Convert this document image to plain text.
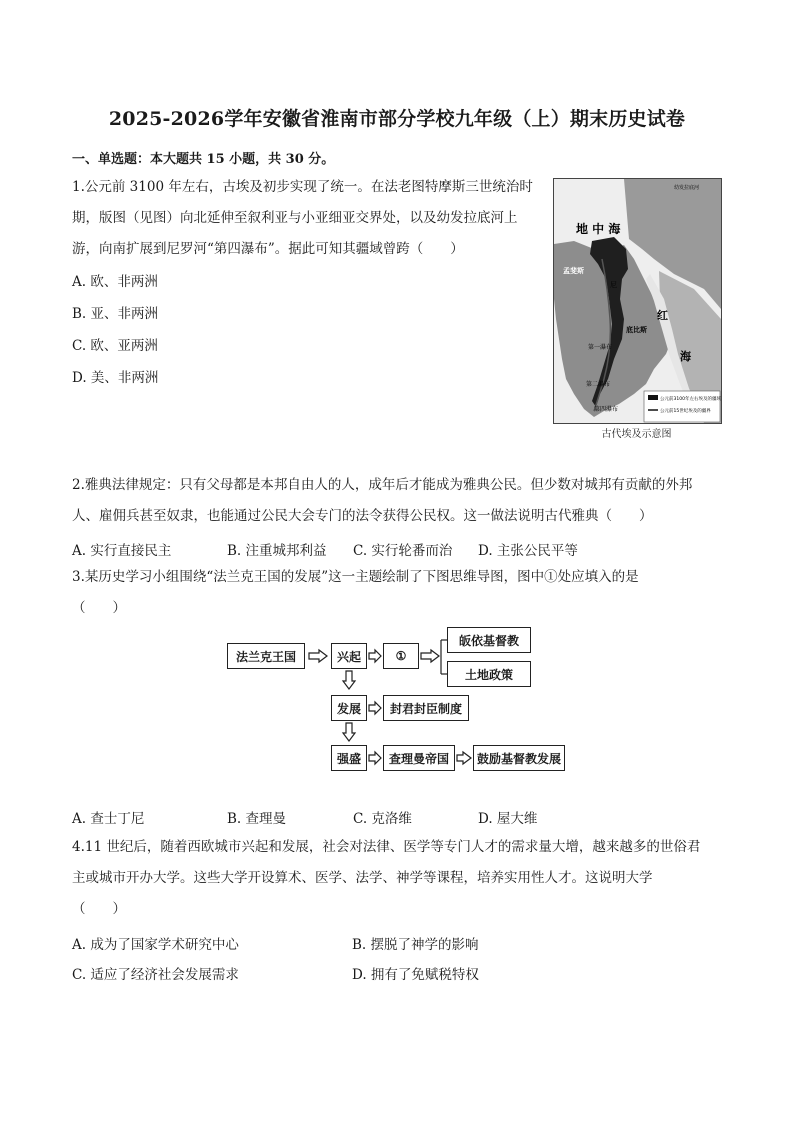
2025-2026学年安徽省淮南市部分学校九年级（上）期末历史试卷
一、单选题：本大题共 15 小题，共 30 分。
1.公元前 3100 年左右，古埃及初步实现了统一。在法老图特摩斯三世统治时
期，版图（见图）向北延伸至叙利亚与小亚细亚交界处，以及幼发拉底河上
游，向南扩展到尼罗河“第四瀑布”。据此可知其疆域曾跨（　　）
A. 欧、非两洲
B. 亚、非两洲
C. 欧、亚两洲
D. 美、非两洲
幼发拉底河
地 中 海
孟斐斯
尼
底比斯
红
海
第一瀑布
第二瀑布
第四瀑布
公元前3100年左右埃及的疆域
公元前15世纪埃及的疆界
古代埃及示意图
2.雅典法律规定：只有父母都是本邦自由人的人，成年后才能成为雅典公民。但少数对城邦有贡献的外邦
人、雇佣兵甚至奴隶，也能通过公民大会专门的法令获得公民权。这一做法说明古代雅典（　　）
A. 实行直接民主	B. 注重城邦利益 C. 实行轮番而治 D. 主张公民平等
3.某历史学习小组围绕“法兰克王国的发展”这一主题绘制了下图思维导图，图中①处应填入的是
（　　）
法兰克王国	兴起	①
皈依基督教
土地政策
发展	封君封臣制度
强盛	查理曼帝国	鼓励基督教发展
A. 查士丁尼	B. 查理曼	C. 克洛维	D. 屋大维
4.11 世纪后，随着西欧城市兴起和发展，社会对法律、医学等专门人才的需求量大增，越来越多的世俗君
主或城市开办大学。这些大学开设算术、医学、法学、神学等课程，培养实用性人才。这说明大学
（　　）
A. 成为了国家学术研究中心	B. 摆脱了神学的影响
C. 适应了经济社会发展需求	D. 拥有了免赋税特权
